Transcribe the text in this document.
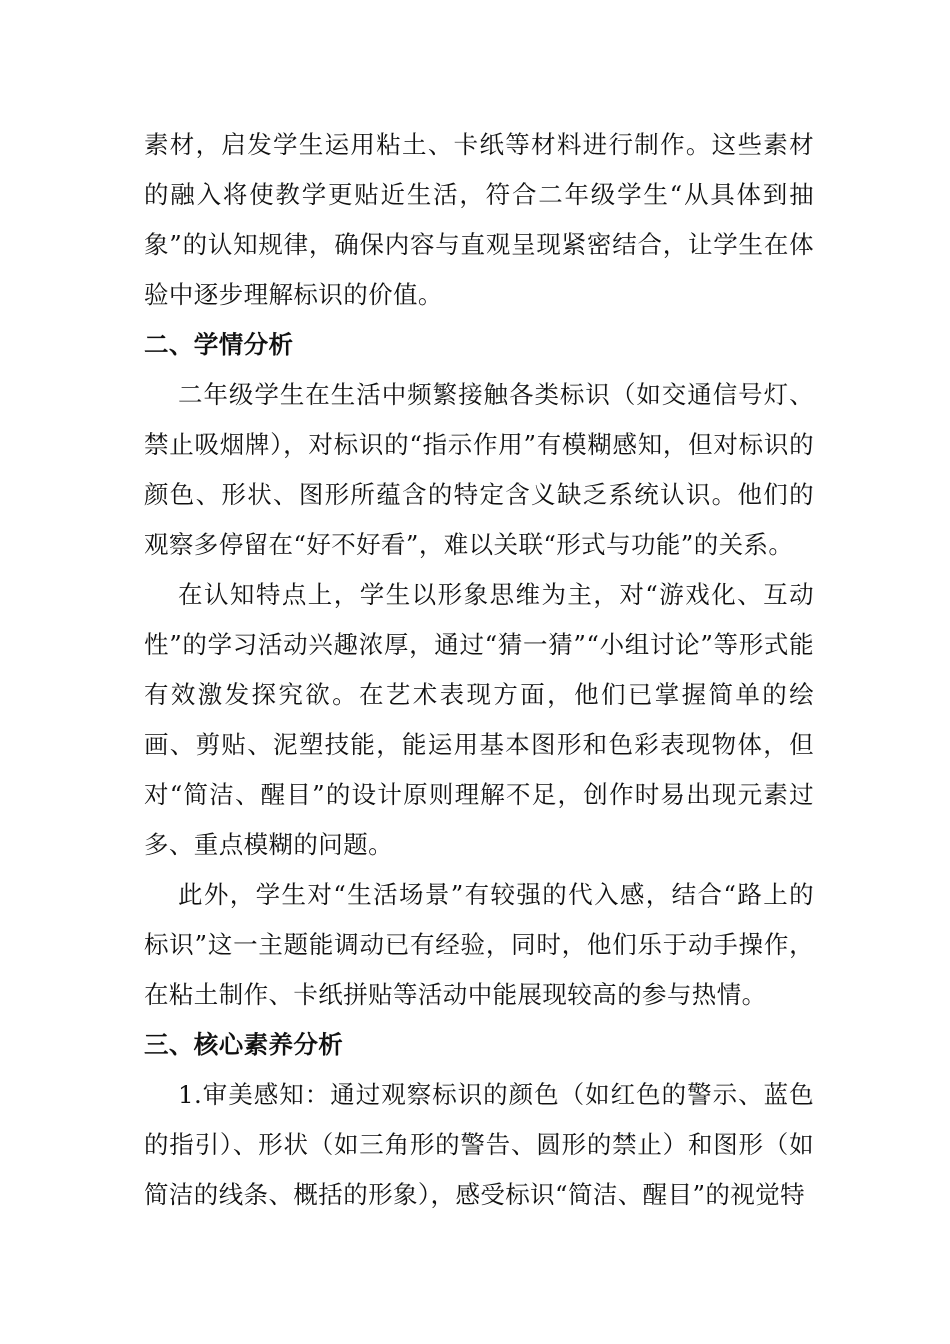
素材，启发学生运用粘土、卡纸等材料进行制作。这些素材的融入将使教学更贴近生活，符合二年级学生“从具体到抽象”的认知规律，确保内容与直观呈现紧密结合，让学生在体验中逐步理解标识的价值。

二、学情分析

二年级学生在生活中频繁接触各类标识（如交通信号灯、禁止吸烟牌），对标识的“指示作用”有模糊感知，但对标识的颜色、形状、图形所蕴含的特定含义缺乏系统认识。他们的观察多停留在“好不好看”，难以关联“形式与功能”的关系。

在认知特点上，学生以形象思维为主，对“游戏化、互动性”的学习活动兴趣浓厚，通过“猜一猜”“小组讨论”等形式能有效激发探究欲。在艺术表现方面，他们已掌握简单的绘画、剪贴、泥塑技能，能运用基本图形和色彩表现物体，但对“简洁、醒目”的设计原则理解不足，创作时易出现元素过多、重点模糊的问题。

此外，学生对“生活场景”有较强的代入感，结合“路上的标识”这一主题能调动已有经验，同时，他们乐于动手操作，在粘土制作、卡纸拼贴等活动中能展现较高的参与热情。

三、核心素养分析

1.审美感知：通过观察标识的颜色（如红色的警示、蓝色的指引）、形状（如三角形的警告、圆形的禁止）和图形（如简洁的线条、概括的形象），感受标识“简洁、醒目”的视觉特
